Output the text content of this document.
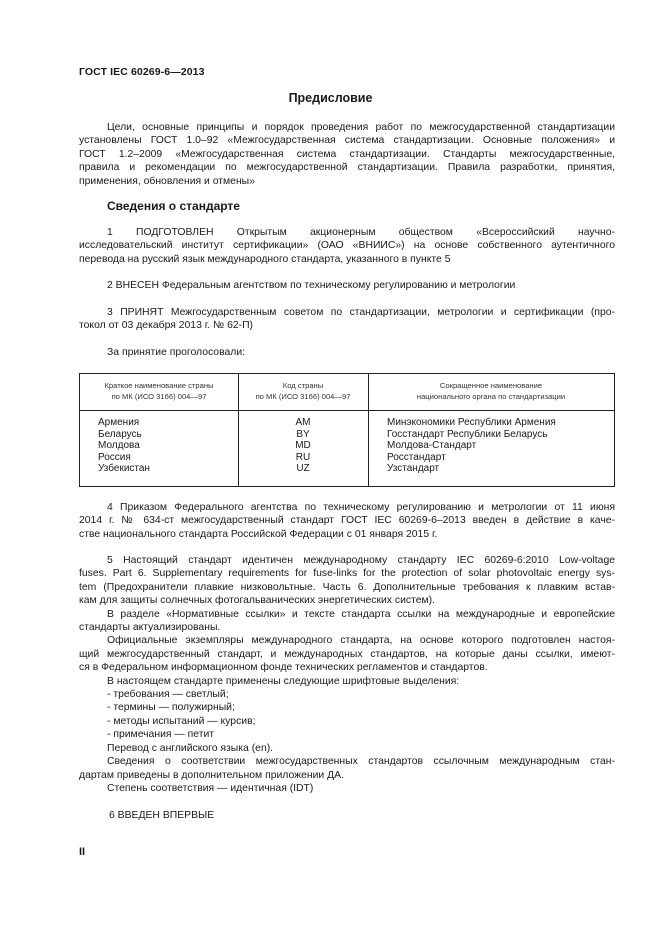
ГОСТ IEC 60269-6—2013
Предисловие
Цели, основные принципы и порядок проведения работ по межгосударственной стандартизации
установлены ГОСТ 1.0–92 «Межгосударственная система стандартизации. Основные положения» и
ГОСТ 1.2–2009 «Межгосударственная система стандартизации. Стандарты межгосударственные,
правила и рекомендации по межгосударственной стандартизации. Правила разработки, принятия,
применения, обновления и отмены»
Сведения о стандарте
1 ПОДГОТОВЛЕН Открытым акционерным обществом «Всероссийский научно-
исследовательский институт сертификации» (ОАО «ВНИИС») на основе собственного аутентичного
перевода на русский язык международного стандарта, указанного в пункте 5
2 ВНЕСЕН Федеральным агентством по техническому регулированию и метрологии
3 ПРИНЯТ Межгосударственным советом по стандартизации, метрологии и сертификации (про-
токол от 03 декабря 2013 г. № 62-П)
За принятие проголосовали:
Краткое наименование страны
по МК (ИСО 3166) 004—97
Код страны
по МК (ИСО 3166) 004—97
Сокращенное наименование
национального органа по стандартизации
Армения
Беларусь
Молдова
Россия
Узбекистан
AM
BY
MD
RU
UZ
Минэкономики Республики Армения
Госстандарт Республики Беларусь
Молдова-Стандарт
Росстандарт
Узстандарт
4 Приказом Федерального агентства по техническому регулированию и метрологии от 11 июня
2014 г. № 634-ст межгосударственный стандарт ГОСТ IEC 60269-6–2013 введен в действие в каче-
стве национального стандарта Российской Федерации с 01 января 2015 г.
5 Настоящий стандарт идентичен международному стандарту IEC 60269-6:2010 Low-voltage
fuses. Part 6. Supplementary requirements for fuse-links for the protection of solar photovoltaic energy sys-
tem (Предохранители плавкие низковольтные. Часть 6. Дополнительные требования к плавким встав-
кам для защиты солнечных фотогальванических энергетических систем).
В разделе «Нормативные ссылки» и тексте стандарта ссылки на международные и европейские
стандарты актуализированы.
Официальные экземпляры международного стандарта, на основе которого подготовлен настоя-
щий межгосударственный стандарт, и международных стандартов, на которые даны ссылки, имеют-
ся в Федеральном информационном фонде технических регламентов и стандартов.
В настоящем стандарте применены следующие шрифтовые выделения:
- требования — светлый;
- термины — полужирный;
- методы испытаний — курсив;
- примечания — петит
Перевод с английского языка (en).
Сведения о соответствии межгосударственных стандартов ссылочным международным стан-
дартам приведены в дополнительном приложении ДА.
Степень соответствия — идентичная (IDT)
6 ВВЕДЕН ВПЕРВЫЕ
II
